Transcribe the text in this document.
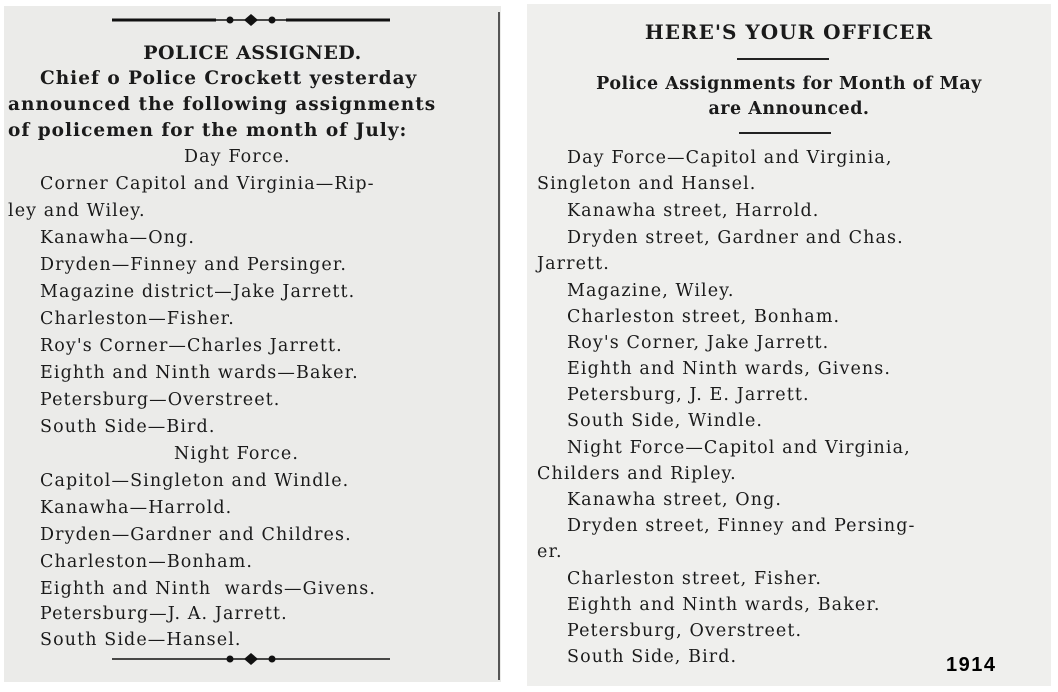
POLICE ASSIGNED.
Chief o Police Crockett yesterday
announced the following assignments
of policemen for the month of July:
Day Force.
Corner Capitol and Virginia—Rip-
ley and Wiley.
Kanawha—Ong.
Dryden—Finney and Persinger.
Magazine district—Jake Jarrett.
Charleston—Fisher.
Roy's Corner—Charles Jarrett.
Eighth and Ninth wards—Baker.
Petersburg—Overstreet.
South Side—Bird.
Night Force.
Capitol—Singleton and Windle.
Kanawha—Harrold.
Dryden—Gardner and Childres.
Charleston—Bonham.
Eighth and Ninth  wards—Givens.
Petersburg—J. A. Jarrett.
South Side—Hansel.
HERE'S YOUR OFFICER
Police Assignments for Month of May
are Announced.
Day Force—Capitol and Virginia,
Singleton and Hansel.
Kanawha street, Harrold.
Dryden street, Gardner and Chas.
Jarrett.
Magazine, Wiley.
Charleston street, Bonham.
Roy's Corner, Jake Jarrett.
Eighth and Ninth wards, Givens.
Petersburg, J. E. Jarrett.
South Side, Windle.
Night Force—Capitol and Virginia,
Childers and Ripley.
Kanawha street, Ong.
Dryden street, Finney and Persing-
er.
Charleston street, Fisher.
Eighth and Ninth wards, Baker.
Petersburg, Overstreet.
South Side, Bird.	1914
